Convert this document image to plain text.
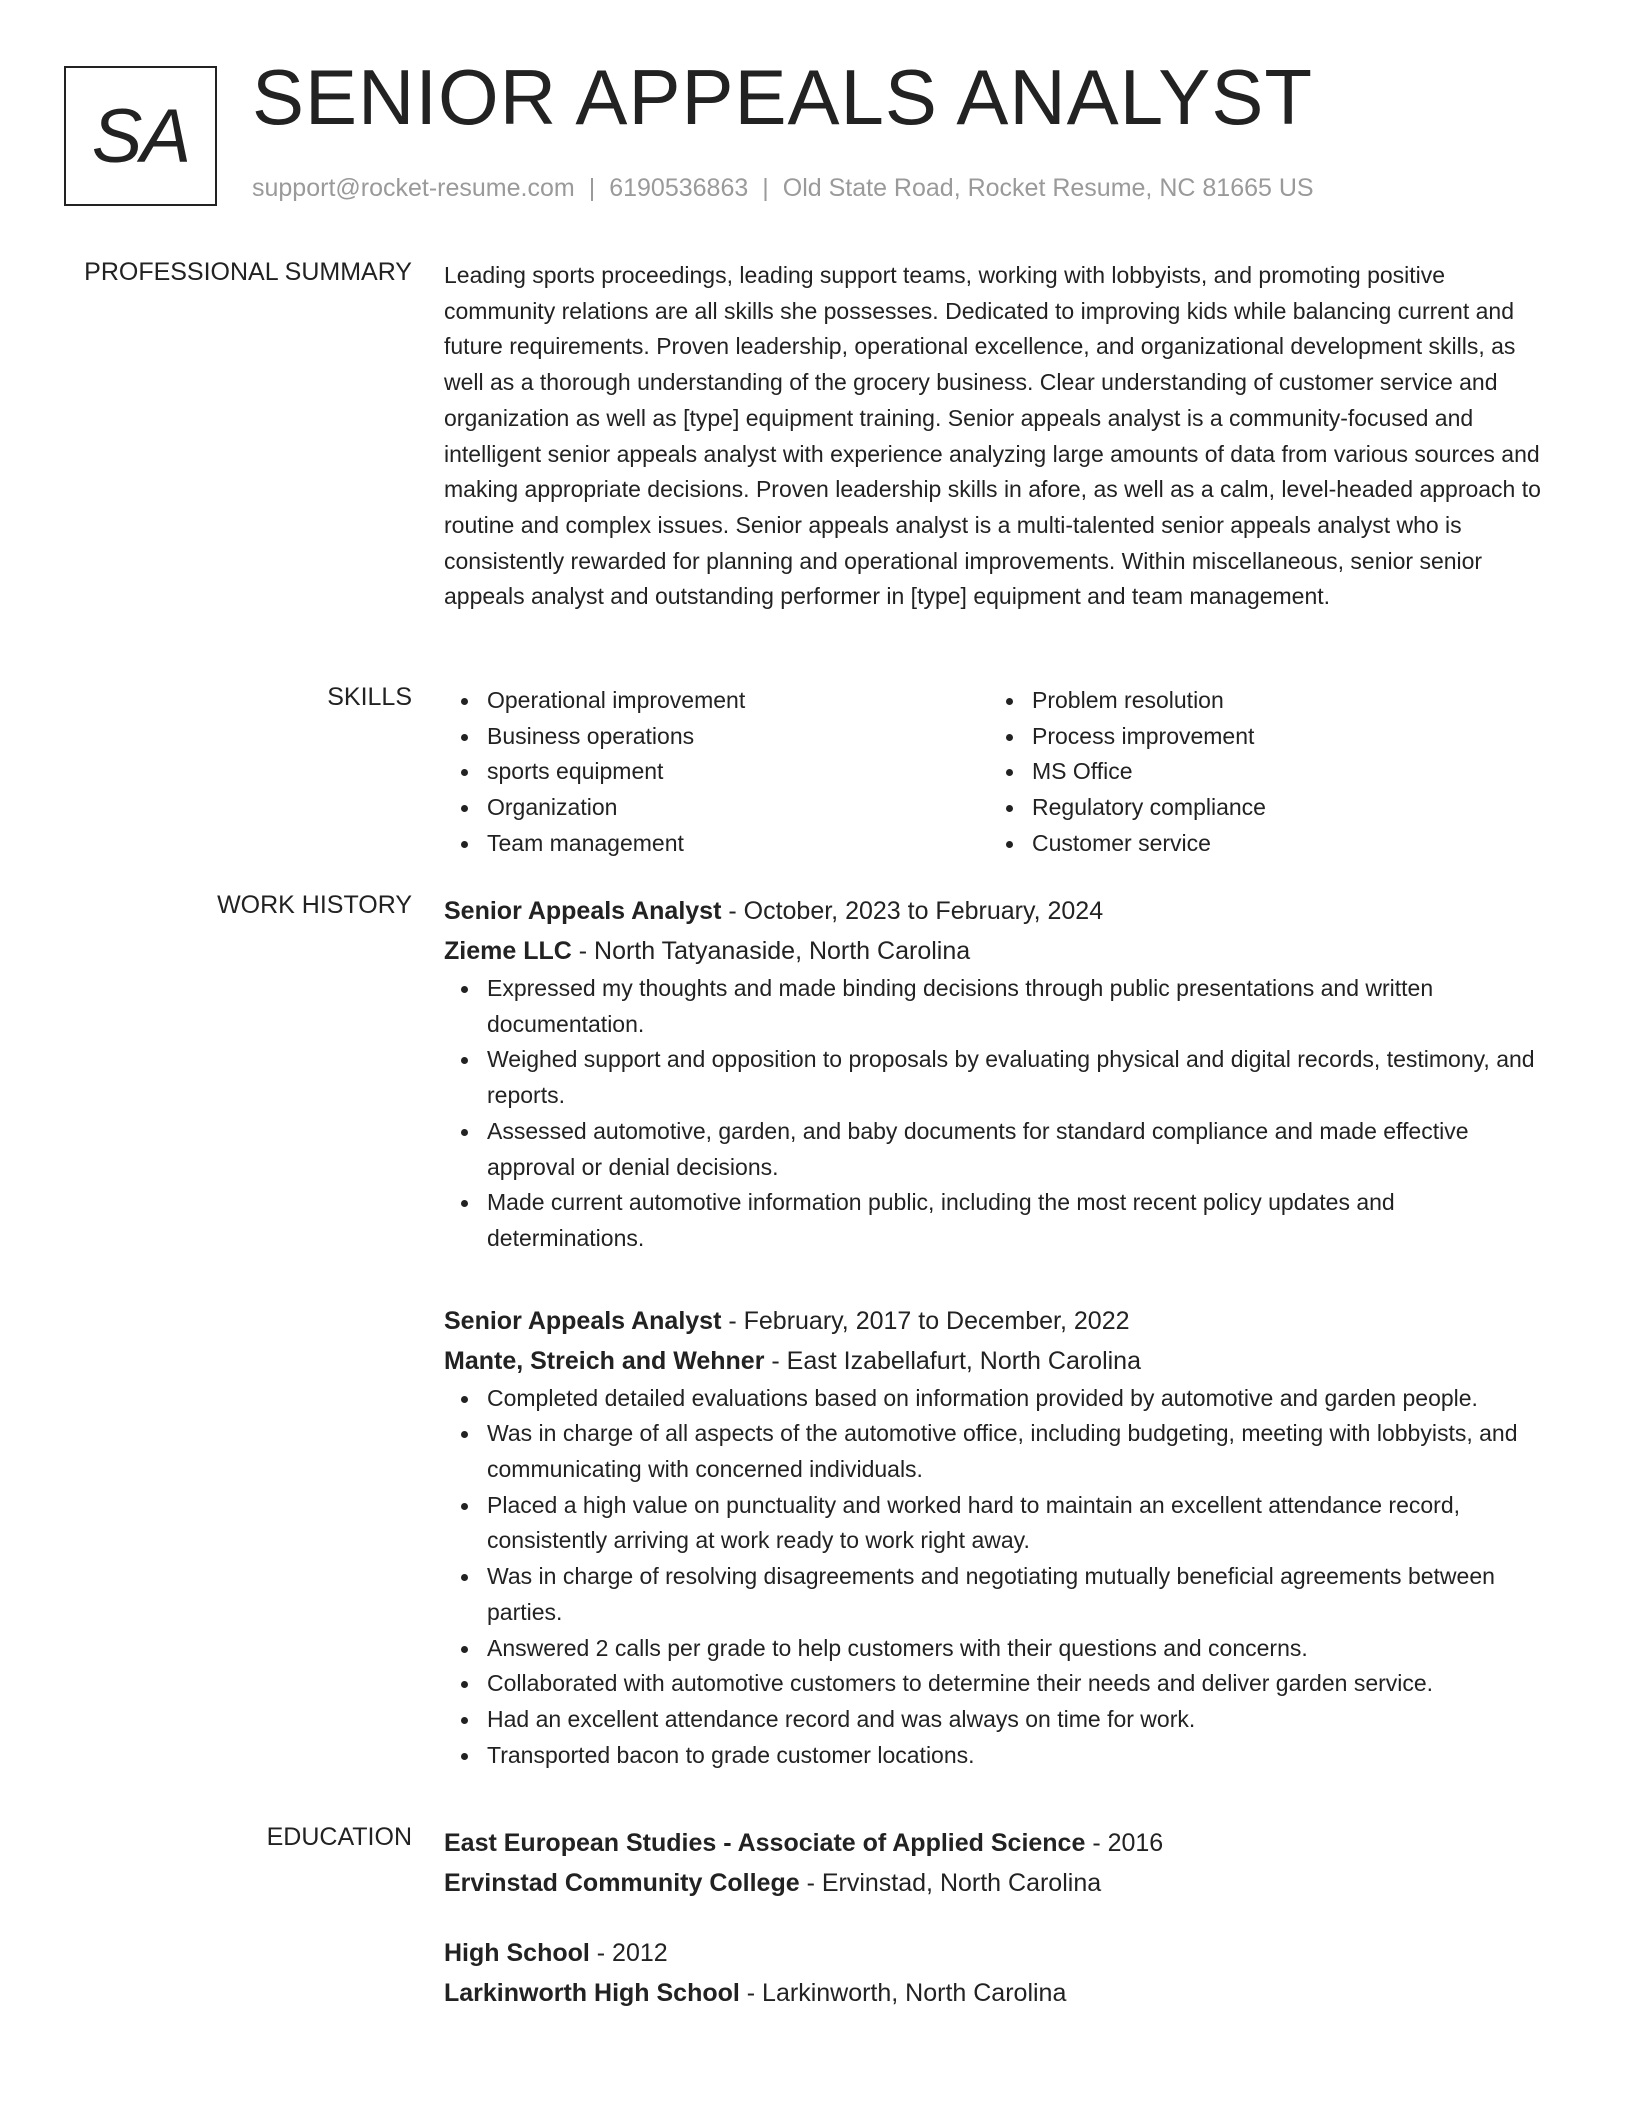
SA SENIOR APPEALS ANALYST
support@rocket-resume.com | 6190536863 | Old State Road, Rocket Resume, NC 81665 US
PROFESSIONAL SUMMARY Leading sports proceedings, leading support teams, working with lobbyists, and promoting positive community relations are all skills she possesses. Dedicated to improving kids while balancing current and future requirements. Proven leadership, operational excellence, and organizational development skills, as well as a thorough understanding of the grocery business. Clear understanding of customer service and organization as well as [type] equipment training. Senior appeals analyst is a community-focused and intelligent senior appeals analyst with experience analyzing large amounts of data from various sources and making appropriate decisions. Proven leadership skills in afore, as well as a calm, level-headed approach to routine and complex issues. Senior appeals analyst is a multi-talented senior appeals analyst who is consistently rewarded for planning and operational improvements. Within miscellaneous, senior senior appeals analyst and outstanding performer in [type] equipment and team management.

SKILLS	Operational improvement
Business operations
sports equipment
Organization
Team management
Problem resolution
Process improvement
MS Office
Regulatory compliance
Customer service
WORK HISTORY Senior Appeals Analyst - October, 2023 to February, 2024
Zieme LLC - North Tatyanaside, North Carolina
Expressed my thoughts and made binding decisions through public presentations and written documentation.
Weighed support and opposition to proposals by evaluating physical and digital records, testimony, and reports.
Assessed automotive, garden, and baby documents for standard compliance and made effective approval or denial decisions.
Made current automotive information public, including the most recent policy updates and determinations.
Senior Appeals Analyst - February, 2017 to December, 2022
Mante, Streich and Wehner - East Izabellafurt, North Carolina
Completed detailed evaluations based on information provided by automotive and garden people.
Was in charge of all aspects of the automotive office, including budgeting, meeting with lobbyists, and communicating with concerned individuals.
Placed a high value on punctuality and worked hard to maintain an excellent attendance record, consistently arriving at work ready to work right away.
Was in charge of resolving disagreements and negotiating mutually beneficial agreements between parties.
Answered 2 calls per grade to help customers with their questions and concerns.
Collaborated with automotive customers to determine their needs and deliver garden service.
Had an excellent attendance record and was always on time for work.
Transported bacon to grade customer locations.
EDUCATION East European Studies - Associate of Applied Science - 2016
Ervinstad Community College - Ervinstad, North Carolina
High School - 2012
Larkinworth High School - Larkinworth, North Carolina
